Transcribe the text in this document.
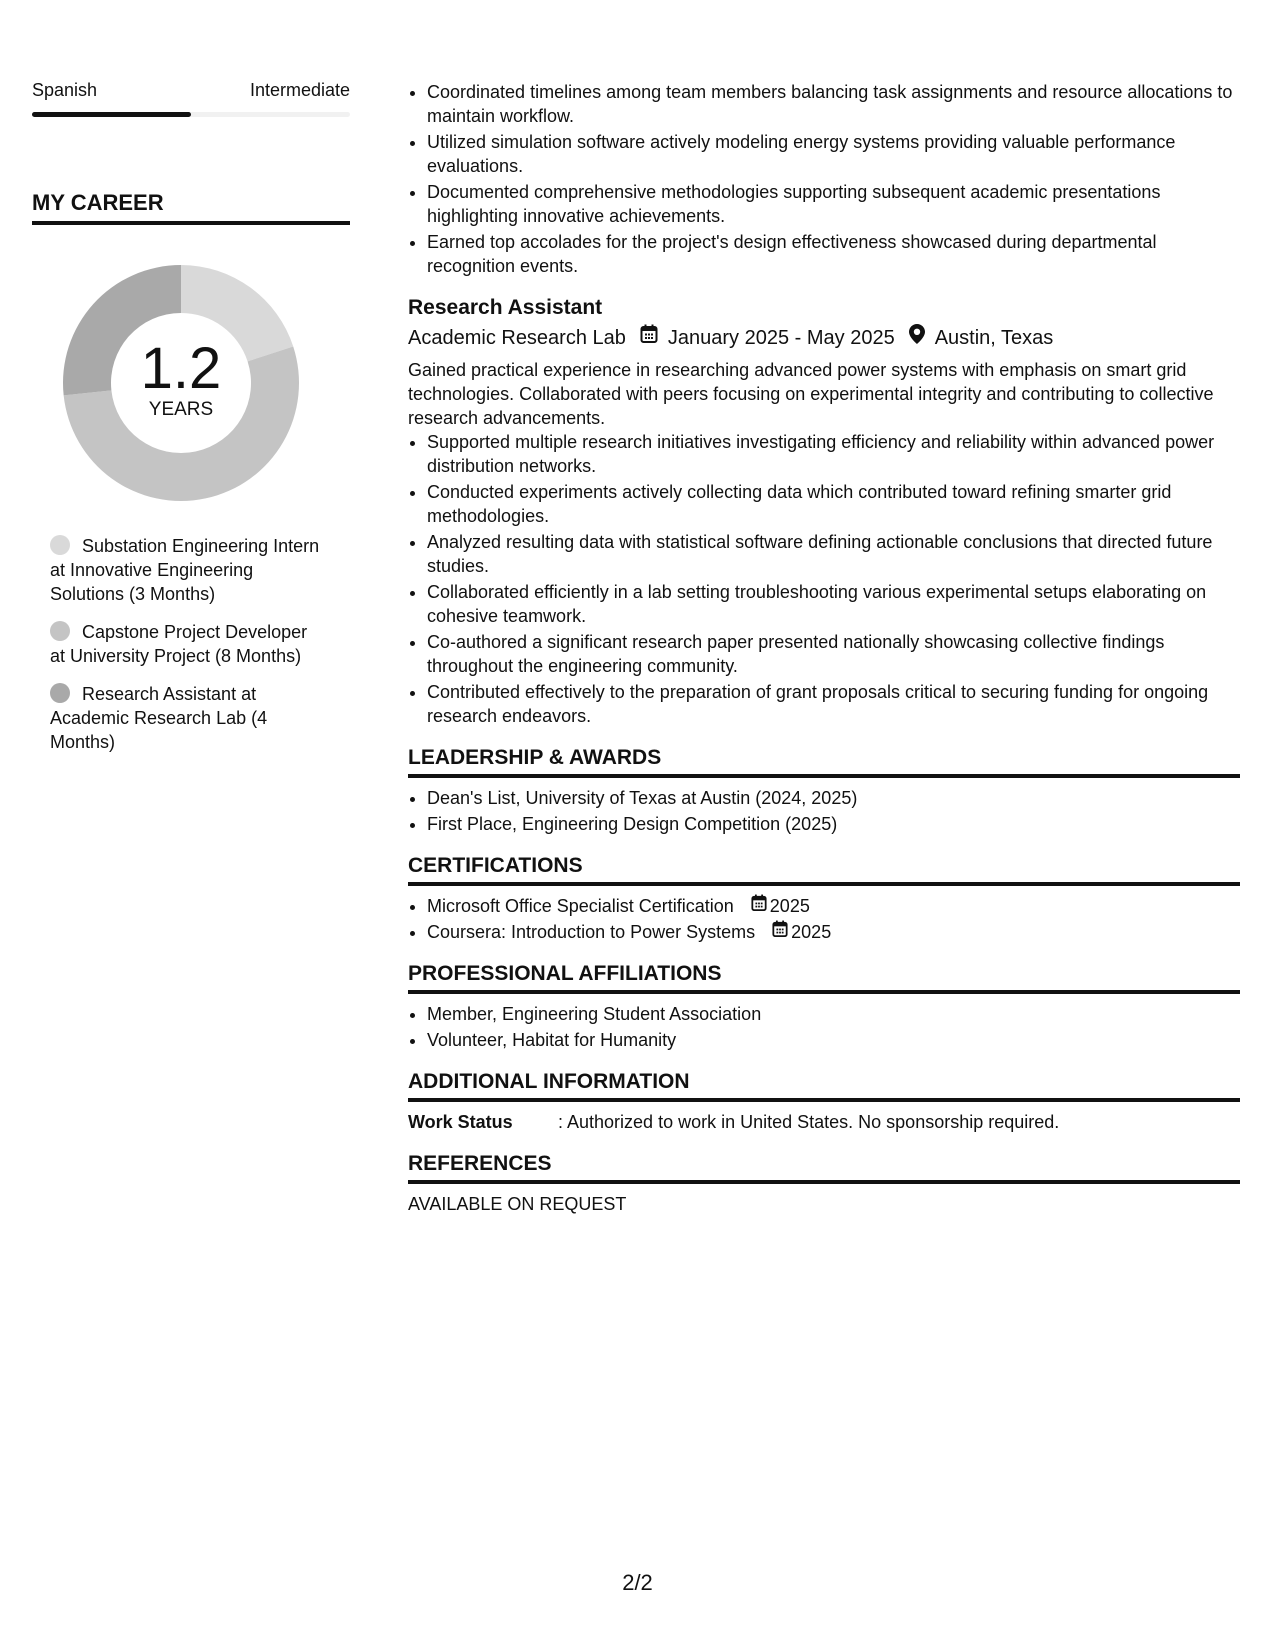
Spanish	Intermediate
MY CAREER
1.2
YEARS
Substation Engineering Intern at Innovative Engineering Solutions (3 Months)
Capstone Project Developer at University Project (8 Months)
Research Assistant at Academic Research Lab (4 Months)
• Coordinated timelines among team members balancing task assignments and resource allocations to maintain workflow.
• Utilized simulation software actively modeling energy systems providing valuable performance evaluations.
• Documented comprehensive methodologies supporting subsequent academic presentations highlighting innovative achievements.
• Earned top accolades for the project's design effectiveness showcased during departmental recognition events.
Research Assistant
Academic Research Lab January 2025 - May 2025 Austin, Texas
Gained practical experience in researching advanced power systems with emphasis on smart grid technologies. Collaborated with peers focusing on experimental integrity and contributing to collective research advancements.
• Supported multiple research initiatives investigating efficiency and reliability within advanced power distribution networks.
• Conducted experiments actively collecting data which contributed toward refining smarter grid methodologies.
• Analyzed resulting data with statistical software defining actionable conclusions that directed future studies.
• Collaborated efficiently in a lab setting troubleshooting various experimental setups elaborating on cohesive teamwork.
• Co-authored a significant research paper presented nationally showcasing collective findings throughout the engineering community.
• Contributed effectively to the preparation of grant proposals critical to securing funding for ongoing research endeavors.
LEADERSHIP & AWARDS
• Dean's List, University of Texas at Austin (2024, 2025)
• First Place, Engineering Design Competition (2025)
CERTIFICATIONS
• Microsoft Office Specialist Certification 2025
• Coursera: Introduction to Power Systems 2025
PROFESSIONAL AFFILIATIONS
• Member, Engineering Student Association
• Volunteer, Habitat for Humanity
ADDITIONAL INFORMATION
Work Status	: Authorized to work in United States. No sponsorship required.
REFERENCES
AVAILABLE ON REQUEST
2/2
